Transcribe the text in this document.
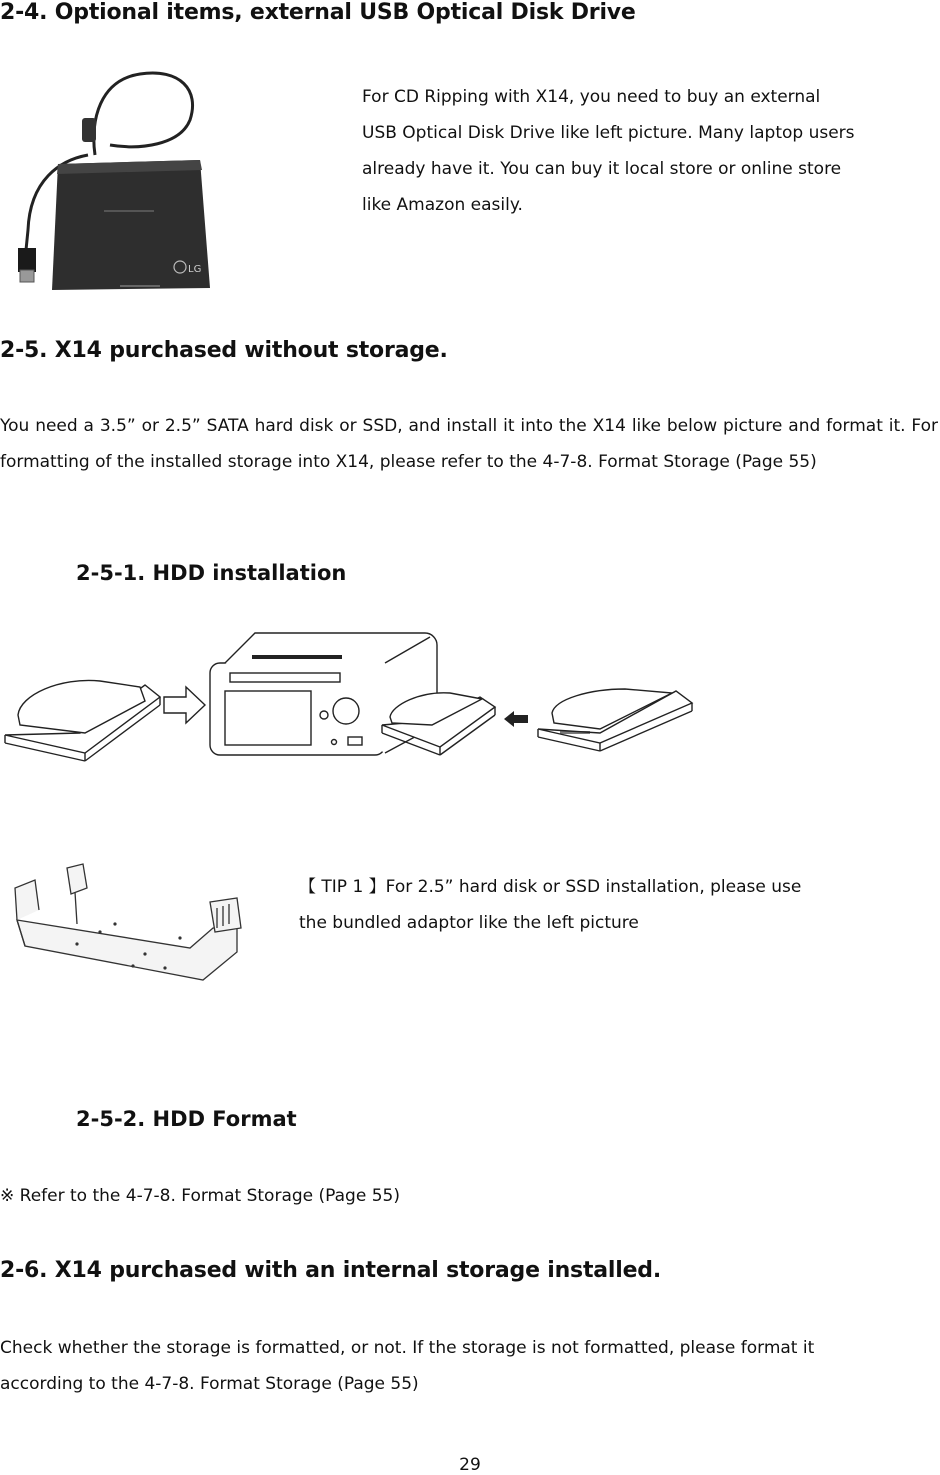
2-4. Optional items, external USB Optical Disk Drive
LG
For CD Ripping with X14, you need to buy an external
USB Optical Disk Drive like left picture. Many laptop users
already have it. You can buy it local store or online store
like Amazon easily.
2-5. X14 purchased without storage.
You need a 3.5” or 2.5” SATA hard disk or SSD, and install it into the X14 like below picture and format it. For formatting of the installed storage into X14, please refer to the 4-7-8. Format Storage (Page 55)
2-5-1. HDD installation
【 TIP 1 】For 2.5” hard disk or SSD installation, please use
the bundled adaptor like the left picture
2-5-2. HDD Format
※ Refer to the 4-7-8. Format Storage (Page 55)
2-6. X14 purchased with an internal storage installed.
Check whether the storage is formatted, or not. If the storage is not formatted, please format it
according to the 4-7-8. Format Storage (Page 55)
29
